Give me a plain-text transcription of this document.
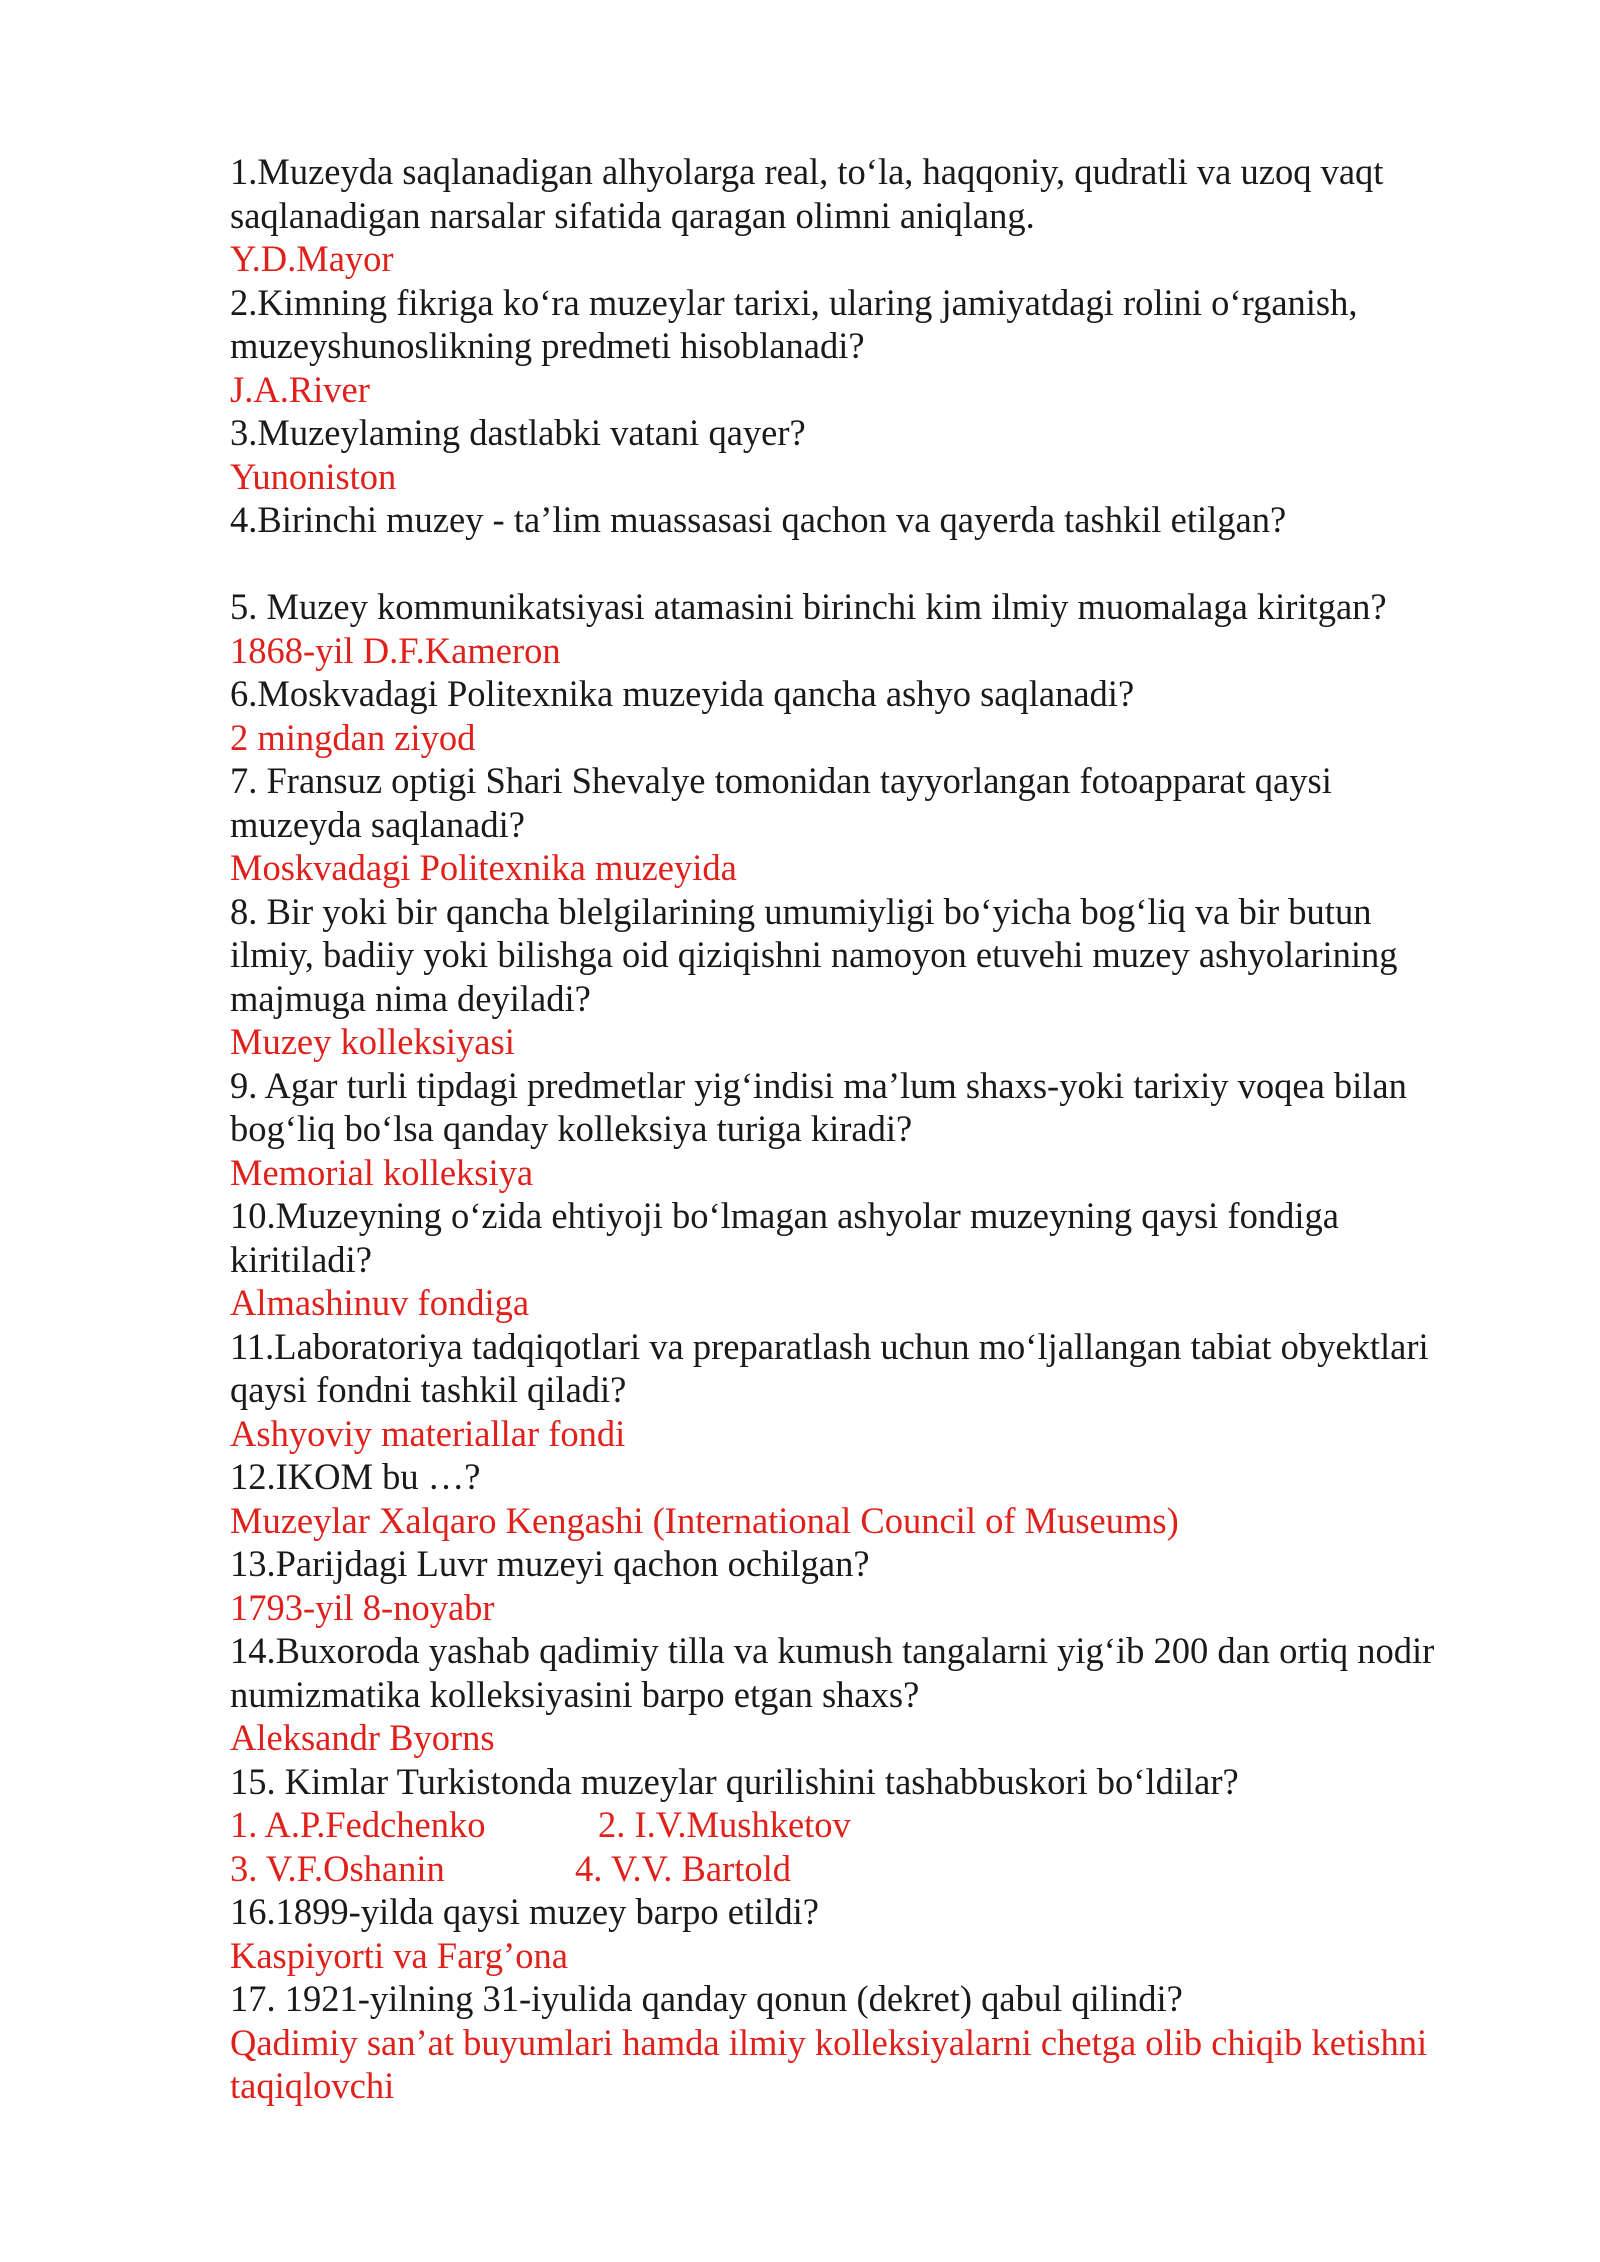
1.Muzeyda saqlanadigan alhyolarga real, to‘la, haqqoniy, qudratli va uzoq vaqt
saqlanadigan narsalar sifatida qaragan olimni aniqlang.
Y.D.Mayor
2.Kimning fikriga ko‘ra muzeylar tarixi, ularing jamiyatdagi rolini o‘rganish,
muzeyshunoslikning predmeti hisoblanadi?
J.A.River
3.Muzeylaming dastlabki vatani qayer?
Yunoniston
4.Birinchi muzey - ta’lim muassasasi qachon va qayerda tashkil etilgan?
5. Muzey kommunikatsiyasi atamasini birinchi kim ilmiy muomalaga kiritgan?
1868-yil D.F.Kameron
6.Moskvadagi Politexnika muzeyida qancha ashyo saqlanadi?
2 mingdan ziyod
7. Fransuz optigi Shari Shevalye tomonidan tayyorlangan fotoapparat qaysi
muzeyda saqlanadi?
Moskvadagi Politexnika muzeyida
8. Bir yoki bir qancha blelgilarining umumiyligi bo‘yicha bog‘liq va bir butun
ilmiy, badiiy yoki bilishga oid qiziqishni namoyon etuvehi muzey ashyolarining
majmuga nima deyiladi?
Muzey kolleksiyasi
9. Agar turli tipdagi predmetlar yig‘indisi ma’lum shaxs-yoki tarixiy voqea bilan
bog‘liq bo‘lsa qanday kolleksiya turiga kiradi?
Memorial kolleksiya
10.Muzeyning o‘zida ehtiyoji bo‘lmagan ashyolar muzeyning qaysi fondiga
kiritiladi?
Almashinuv fondiga
11.Laboratoriya tadqiqotlari va preparatlash uchun mo‘ljallangan tabiat obyektlari
qaysi fondni tashkil qiladi?
Ashyoviy materiallar fondi
12.IKOM bu …?
Muzeylar Xalqaro Kengashi (International Council of Museums)
13.Parijdagi Luvr muzeyi qachon ochilgan?
1793-yil 8-noyabr
14.Buxoroda yashab qadimiy tilla va kumush tangalarni yig‘ib 200 dan ortiq nodir
numizmatika kolleksiyasini barpo etgan shaxs?
Aleksandr Byorns
15. Kimlar Turkistonda muzeylar qurilishini tashabbuskori bo‘ldilar?
1. A.P.Fedchenko	2. I.V.Mushketov
3. V.F.Oshanin	4. V.V. Bartold
16.1899-yilda qaysi muzey barpo etildi?
Kaspiyorti va Farg’ona
17. 1921-yilning 31-iyulida qanday qonun (dekret) qabul qilindi?
Qadimiy san’at buyumlari hamda ilmiy kolleksiyalarni chetga olib chiqib ketishni
taqiqlovchi
